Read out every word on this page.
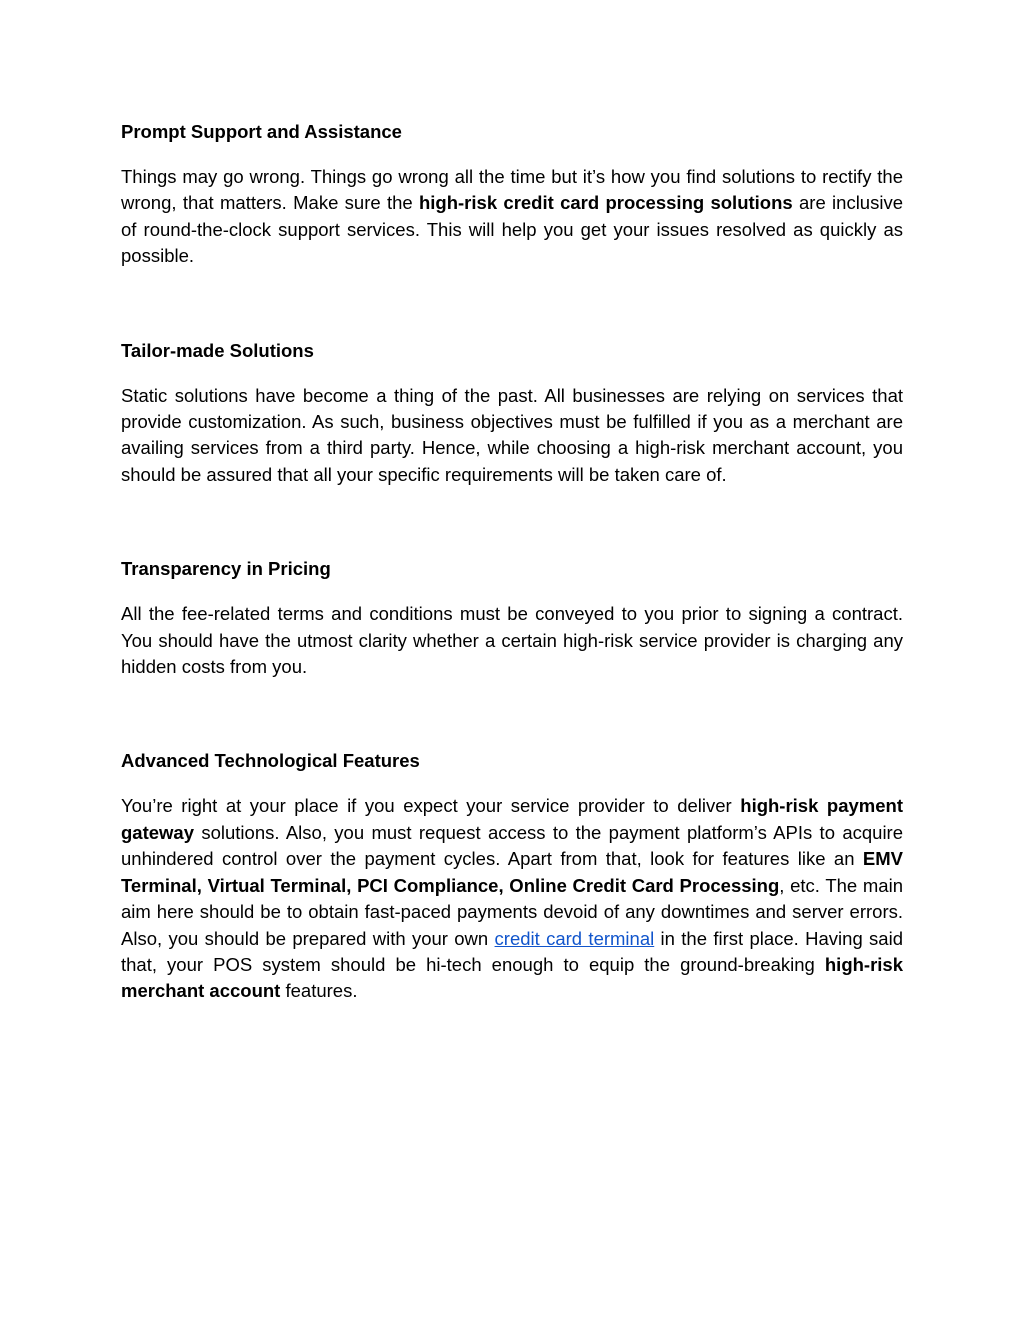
Prompt Support and Assistance

Things may go wrong. Things go wrong all the time but it’s how you find solutions to rectify the wrong, that matters. Make sure the high-risk credit card processing solutions are inclusive of round-the-clock support services. This will help you get your issues resolved as quickly as possible.

Tailor-made Solutions

Static solutions have become a thing of the past. All businesses are relying on services that provide customization. As such, business objectives must be fulfilled if you as a merchant are availing services from a third party. Hence, while choosing a high-risk merchant account, you should be assured that all your specific requirements will be taken care of.

Transparency in Pricing

All the fee-related terms and conditions must be conveyed to you prior to signing a contract. You should have the utmost clarity whether a certain high-risk service provider is charging any hidden costs from you.

Advanced Technological Features

You’re right at your place if you expect your service provider to deliver high-risk payment gateway solutions. Also, you must request access to the payment platform’s APIs to acquire unhindered control over the payment cycles. Apart from that, look for features like an EMV Terminal, Virtual Terminal, PCI Compliance, Online Credit Card Processing, etc. The main aim here should be to obtain fast-paced payments devoid of any downtimes and server errors. Also, you should be prepared with your own credit card terminal in the first place. Having said that, your POS system should be hi-tech enough to equip the ground-breaking high-risk merchant account features.
